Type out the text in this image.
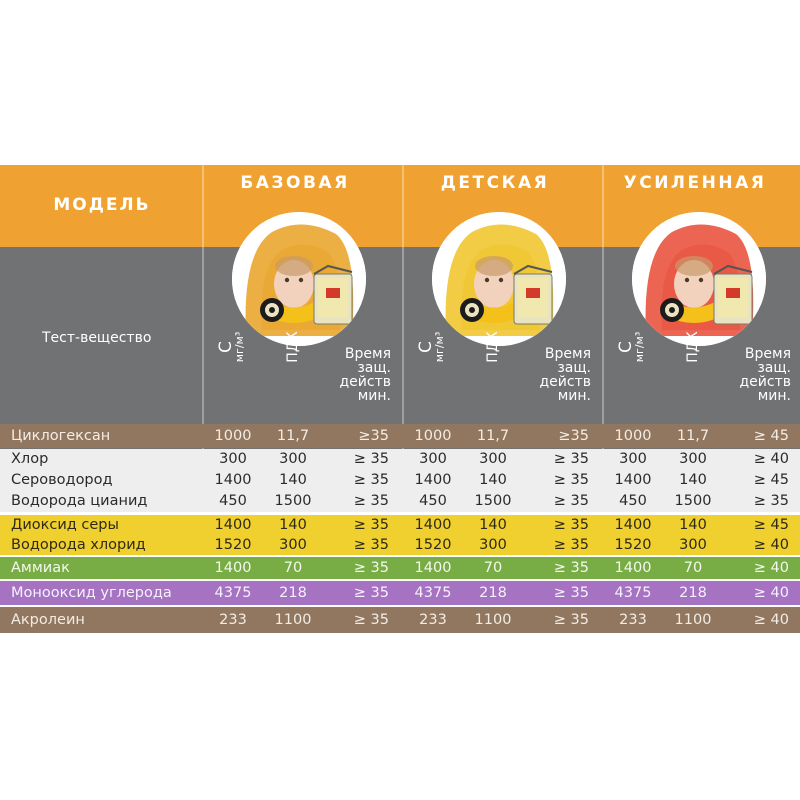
МОДЕЛЬ
Тест-вещество
БАЗОВАЯ
C
мг/м³	ПДК	Время
защ.
действ
мин.
ДЕТСКАЯ
C
мг/м³	ПДК	Время
защ.
действ
мин.
УСИЛЕННАЯ
C
мг/м³	ПДК	Время
защ.
действ
мин.
Циклогексан	1000	11,7	≥35	1000	11,7	≥35	1000	11,7	≥ 45
Хлор	300	300	≥ 35	300	300	≥ 35	300	300	≥ 40
Сероводород	1400	140	≥ 35	1400	140	≥ 35	1400	140	≥ 45
Водорода цианид	450	1500	≥ 35	450	1500	≥ 35	450	1500	≥ 35
Диоксид серы	1400	140	≥ 35	1400	140	≥ 35	1400	140	≥ 45
Водорода хлорид	1520	300	≥ 35	1520	300	≥ 35	1520	300	≥ 40
Аммиак	1400	70	≥ 35	1400	70	≥ 35	1400	70	≥ 40
Монооксид углерода	4375	218	≥ 35	4375	218	≥ 35	4375	218	≥ 40
Акролеин	233	1100	≥ 35	233	1100	≥ 35	233	1100	≥ 40
